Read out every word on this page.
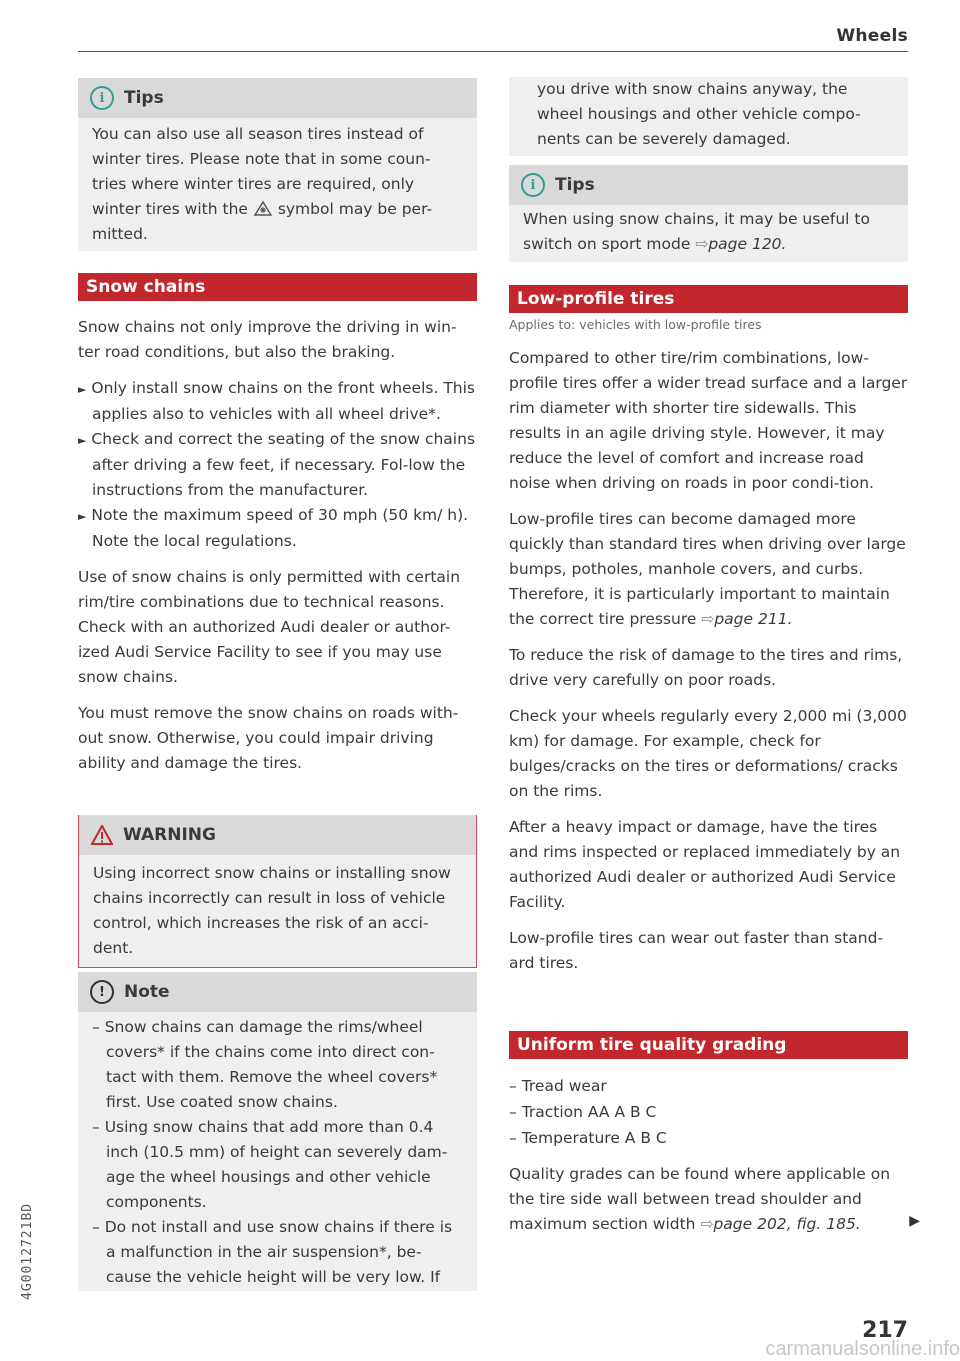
Wheels
i	Tips
You can also use all season tires instead of winter tires. Please note that in some coun-tries where winter tires are required, only winter tires with the symbol may be per-mitted.
Snow chains

Snow chains not only improve the driving in win-ter road conditions, but also the braking.

► Only install snow chains on the front wheels. This applies also to vehicles with all wheel drive*.

► Check and correct the seating of the snow chains after driving a few feet, if necessary. Fol-low the instructions from the manufacturer.

► Note the maximum speed of 30 mph (50 km/ h). Note the local regulations.

Use of snow chains is only permitted with certain rim/tire combinations due to technical reasons. Check with an authorized Audi dealer or author-ized Audi Service Facility to see if you may use snow chains.

You must remove the snow chains on roads with-out snow. Otherwise, you could impair driving ability and damage the tires.

WARNING
Using incorrect snow chains or installing snow chains incorrectly can result in loss of vehicle control, which increases the risk of an acci-dent.
!	Note

– Snow chains can damage the rims/wheel covers* if the chains come into direct con-tact with them. Remove the wheel covers* first. Use coated snow chains.

– Using snow chains that add more than 0.4 inch (10.5 mm) of height can severely dam-age the wheel housings and other vehicle components.

– Do not install and use snow chains if there is a malfunction in the air suspension*, be-cause the vehicle height will be very low. If

you drive with snow chains anyway, the wheel housings and other vehicle compo-nents can be severely damaged.
i	Tips
When using snow chains, it may be useful to switch on sport mode ⇨page 120.
Low-profile tires
Applies to: vehicles with low-profile tires

Compared to other tire/rim combinations, low-profile tires offer a wider tread surface and a larger rim diameter with shorter tire sidewalls. This results in an agile driving style. However, it may reduce the level of comfort and increase road noise when driving on roads in poor condi-tion.

Low-profile tires can become damaged more quickly than standard tires when driving over large bumps, potholes, manhole covers, and curbs. Therefore, it is particularly important to maintain the correct tire pressure ⇨page 211.

To reduce the risk of damage to the tires and rims, drive very carefully on poor roads.

Check your wheels regularly every 2,000 mi (3,000 km) for damage. For example, check for bulges/cracks on the tires or deformations/ cracks on the rims.

After a heavy impact or damage, have the tires and rims inspected or replaced immediately by an authorized Audi dealer or authorized Audi Service Facility.

Low-profile tires can wear out faster than stand-ard tires.

Uniform tire quality grading

– Tread wear

– Traction AA A B C

– Temperature A B C

Quality grades can be found where applicable on the tire side wall between tread shoulder and maximum section width ⇨page 202, fig. 185.	▶
4G0012721BD
217
carmanualsonline.info
